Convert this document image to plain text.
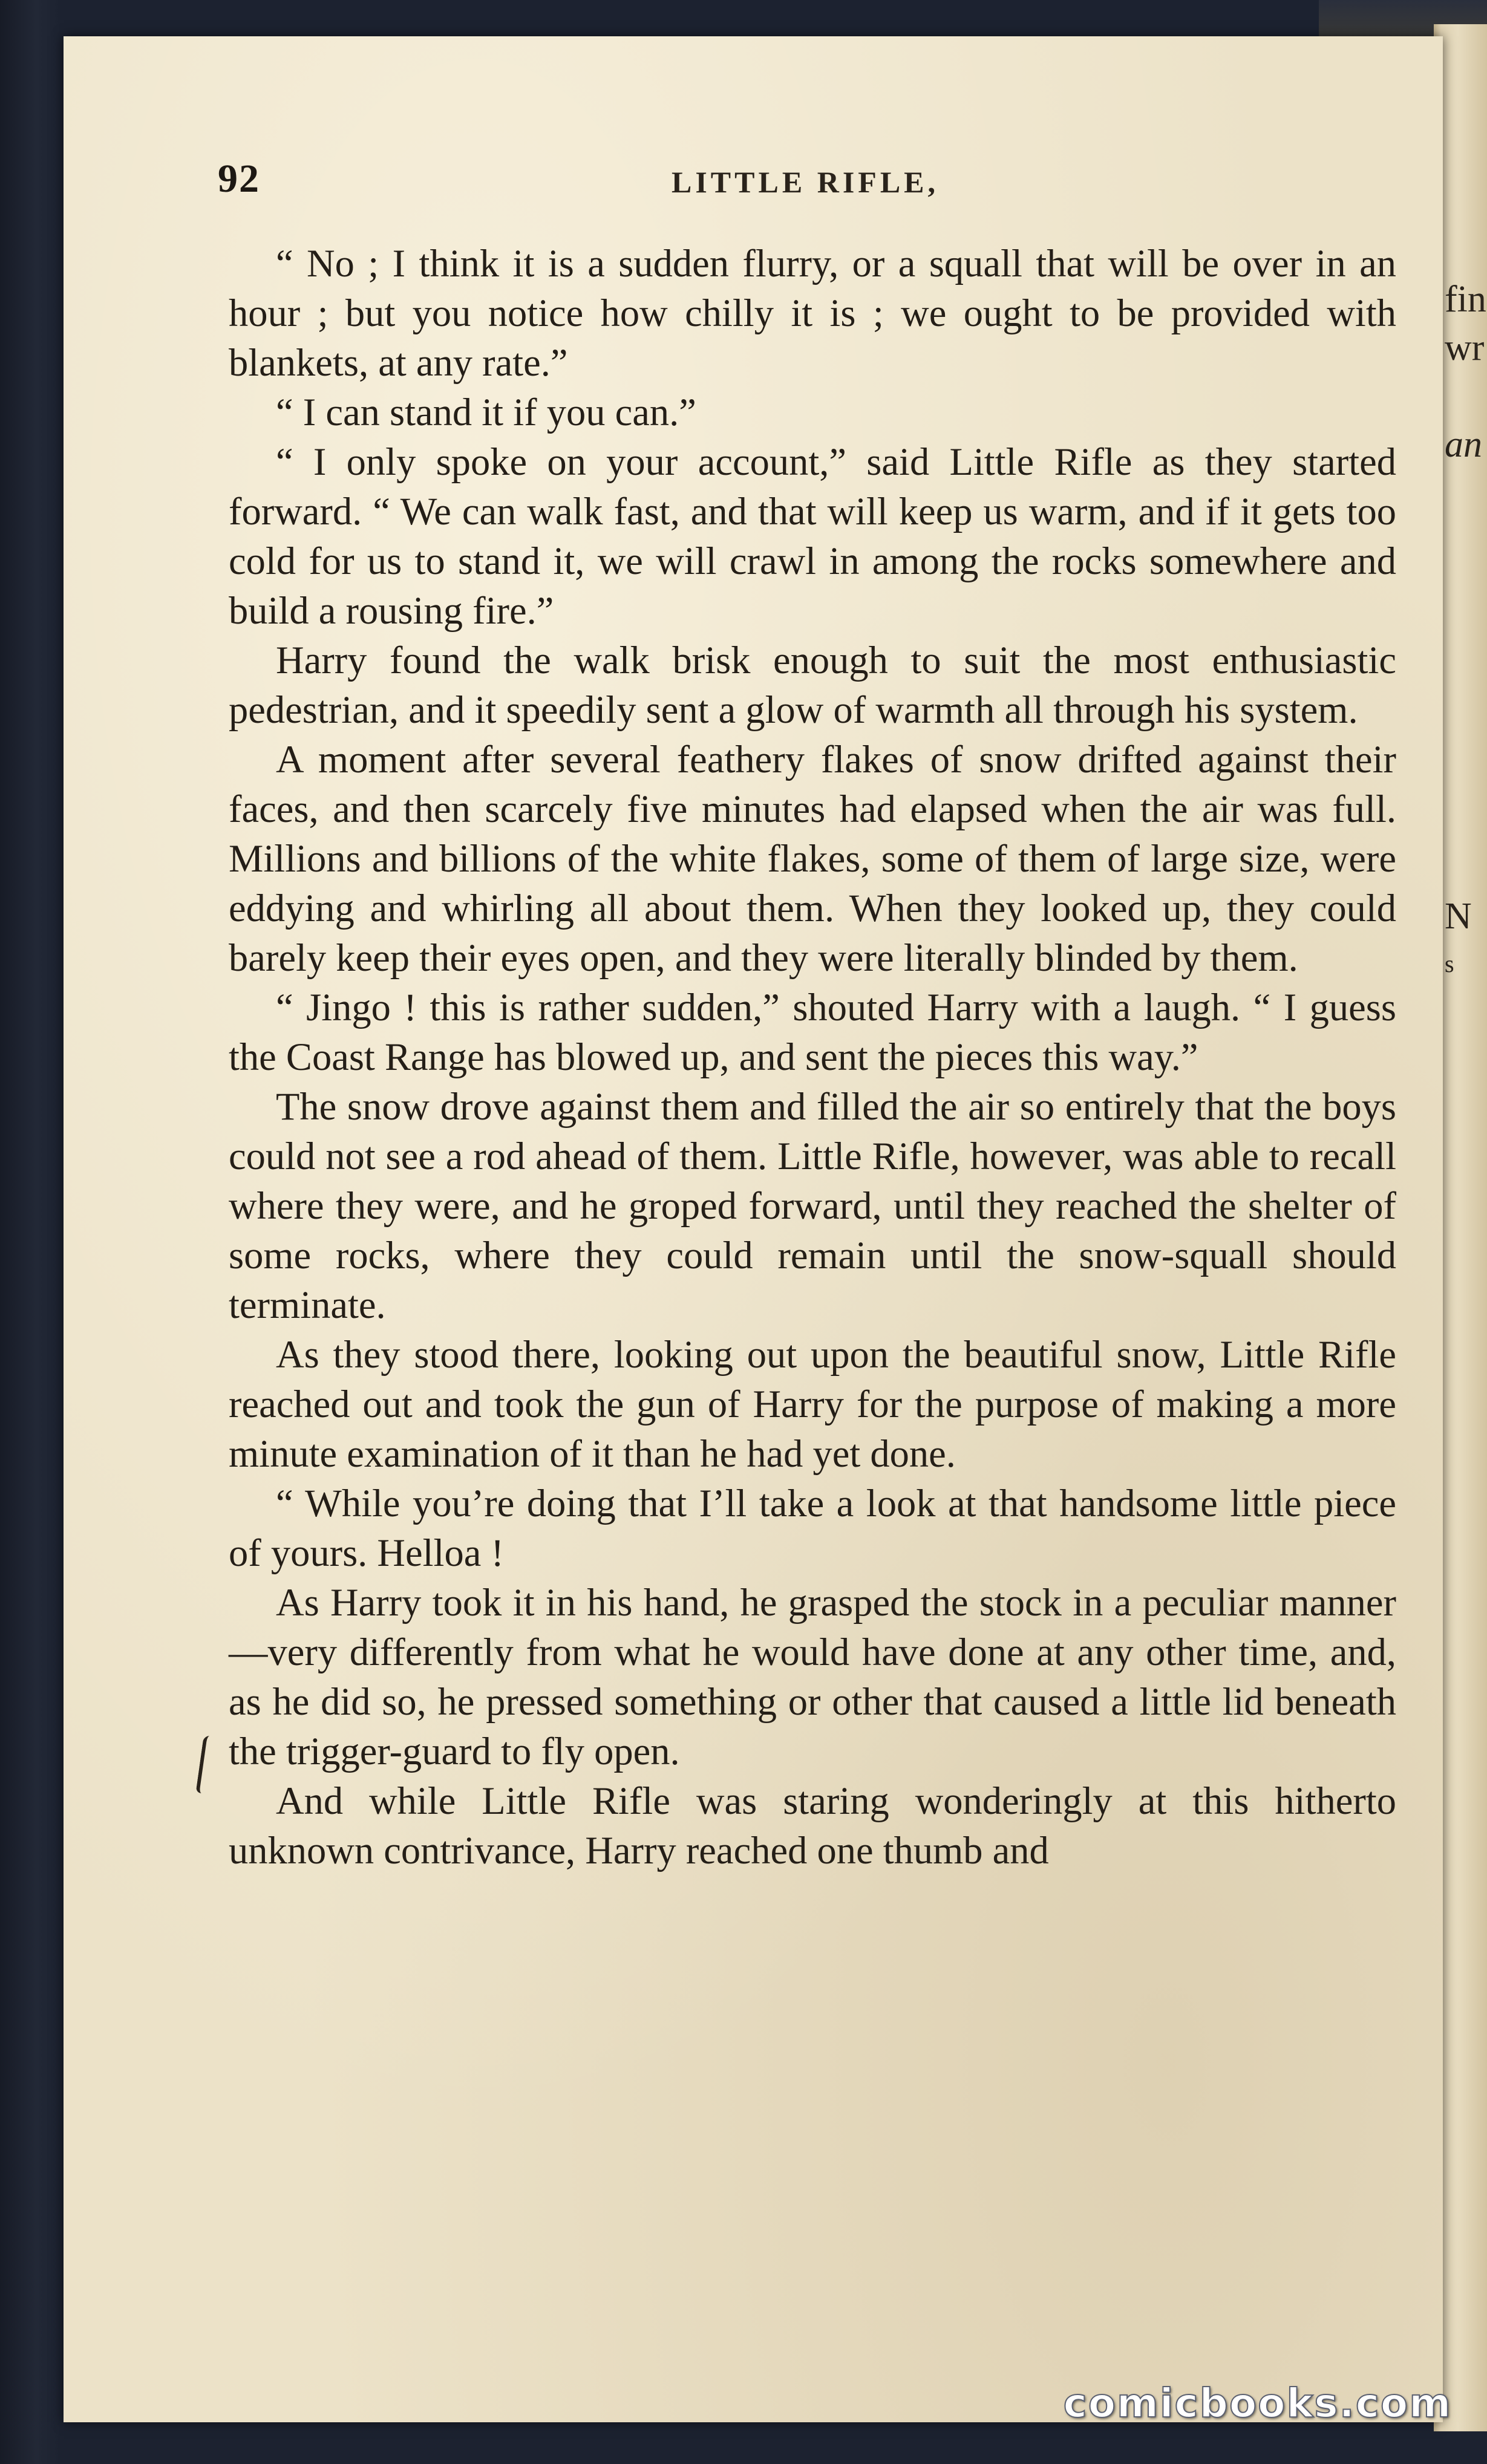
fin
wr
an
N
s
92	LITTLE RIFLE,

“ No ; I think it is a sudden flurry, or a squall that will be over in an hour ; but you notice how chilly it is ; we ought to be provided with blankets, at any rate.”

“ I can stand it if you can.”

“ I only spoke on your account,” said Little Rifle as they started forward. “ We can walk fast, and that will keep us warm, and if it gets too cold for us to stand it, we will crawl in among the rocks somewhere and build a rousing fire.”

Harry found the walk brisk enough to suit the most enthusiastic pedestrian, and it speedily sent a glow of warmth all through his system.

A moment after several feathery flakes of snow drifted against their faces, and then scarcely five minutes had elapsed when the air was full. Millions and billions of the white flakes, some of them of large size, were eddying and whirling all about them. When they looked up, they could barely keep their eyes open, and they were literally blinded by them.

“ Jingo ! this is rather sudden,” shouted Harry with a laugh. “ I guess the Coast Range has blowed up, and sent the pieces this way.”

The snow drove against them and filled the air so entirely that the boys could not see a rod ahead of them. Little Rifle, however, was able to recall where they were, and he groped forward, until they reached the shelter of some rocks, where they could remain until the snow-squall should terminate.

As they stood there, looking out upon the beautiful snow, Little Rifle reached out and took the gun of Harry for the purpose of making a more minute examination of it than he had yet done.

“ While you’re doing that I’ll take a look at that handsome little piece of yours. Helloa !

As Harry took it in his hand, he grasped the stock in a peculiar manner—very differently from what he would have done at any other time, and, as he did so, he pressed something or other that caused a little lid beneath the trigger-guard to fly open.

And while Little Rifle was staring wonderingly at this hitherto unknown contrivance, Harry reached one thumb and

comicbooks.com
